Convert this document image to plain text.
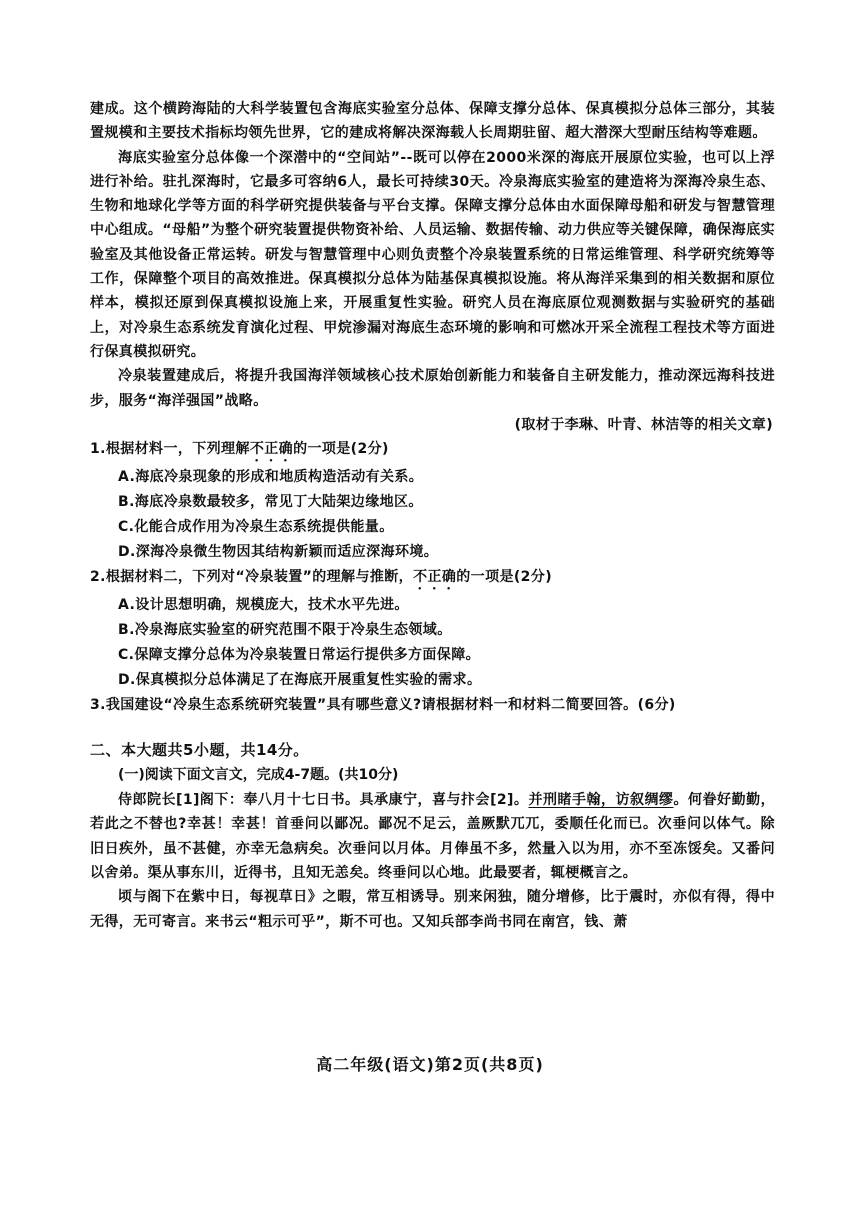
建成。这个横跨海陆的大科学装置包含海底实验室分总体、保障支撑分总体、保真模拟分总体三部分，其装置规模和主要技术指标均领先世界，它的建成将解决深海载人长周期驻留、超大潜深大型耐压结构等难题。

海底实验室分总体像一个深潜中的“空间站”--既可以停在2000米深的海底开展原位实验，也可以上浮进行补给。驻扎深海时，它最多可容纳6人，最长可持续30天。冷泉海底实验室的建造将为深海冷泉生态、生物和地球化学等方面的科学研究提供装备与平台支撑。保障支撑分总体由水面保障母船和研发与智慧管理中心组成。“母船”为整个研究装置提供物资补给、人员运输、数据传输、动力供应等关键保障，确保海底实验室及其他设备正常运转。研发与智慧管理中心则负责整个冷泉装置系统的日常运维管理、科学研究统筹等工作，保障整个项目的高效推进。保真模拟分总体为陆基保真模拟设施。将从海洋采集到的相关数据和原位样本，模拟还原到保真模拟设施上来，开展重复性实验。研究人员在海底原位观测数据与实验研究的基础上，对冷泉生态系统发育演化过程、甲烷渗漏对海底生态环境的影响和可燃冰开采全流程工程技术等方面进行保真模拟研究。

冷泉装置建成后，将提升我国海洋领域核心技术原始创新能力和装备自主研发能力，推动深远海科技进步，服务“海洋强国”战略。

(取材于李琳、叶青、林洁等的相关文章)

1.根据材料一，下列理解不正确的一项是(2分)

A.海底冷泉现象的形成和地质构造活动有关系。

B.海底冷泉数最较多，常见丁大陆架边缘地区。

C.化能合成作用为冷泉生态系统提供能量。

D.深海冷泉微生物因其结构新颖而适应深海环境。

2.根据材料二，下列对“冷泉装置”的理解与推断，不正确的一项是(2分)

A.设计思想明确，规模庞大，技术水平先进。

B.冷泉海底实验室的研究范围不限于冷泉生态领域。

C.保障支撑分总体为冷泉装置日常运行提供多方面保障。

D.保真模拟分总体满足了在海底开展重复性实验的需求。

3.我国建设“冷泉生态系统研究装置”具有哪些意义?请根据材料一和材料二简要回答。(6分)

二、本大题共5小题，共14分。

(一)阅读下面文言文，完成4-7题。(共10分)

侍郎院长[1]阁下：奉八月十七日书。具承康宁，喜与抃会[2]。并刑睹手翰，访叙绸缪。何眷好勤勤，若此之不替也?幸甚！幸甚！首垂问以鄙况。鄙况不足云，盖厥默兀兀，委顺任化而已。次垂问以体气。除旧日疾外，虽不甚健，亦幸无急病矣。次垂问以月体。月俸虽不多，然量入以为用，亦不至冻馁矣。又番问以舍弟。渠从事东川，近得书，且知无恙矣。终垂问以心地。此最要者，辄梗概言之。

顷与阁下在紫中日，每视草日》之暇，常互相诱导。别来闲独，随分增修，比于震时，亦似有得，得中无得，无可寄言。来书云“粗示可乎”，斯不可也。又知兵部李尚书同在南宫，钱、萧

高二年级(语文)第2页(共8页)
